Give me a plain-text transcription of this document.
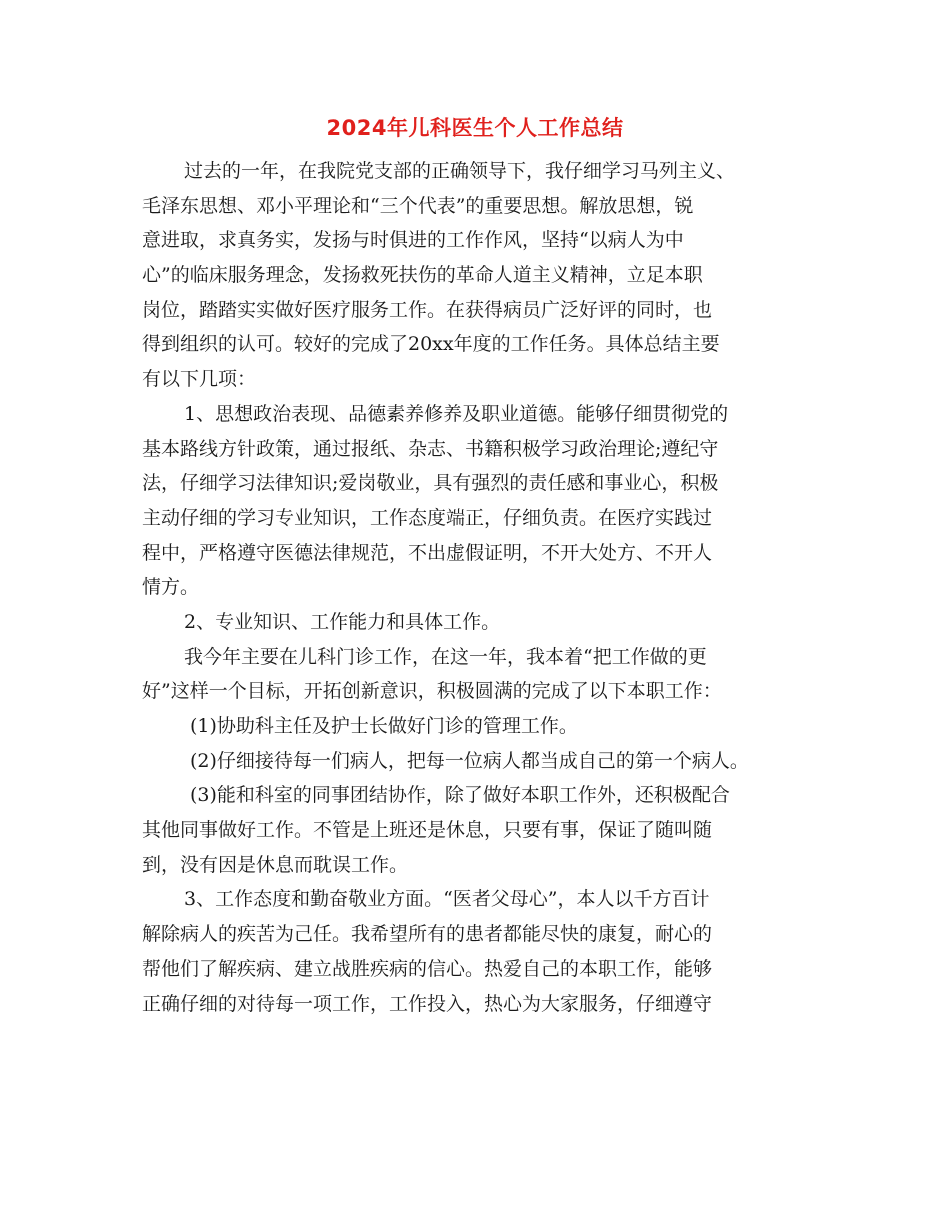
2024年儿科医生个人工作总结
过去的一年，在我院党支部的正确领导下，我仔细学习马列主义、
毛泽东思想、邓小平理论和“三个代表”的重要思想。解放思想，锐
意进取，求真务实，发扬与时俱进的工作作风，坚持“以病人为中
心”的临床服务理念，发扬救死扶伤的革命人道主义精神，立足本职
岗位，踏踏实实做好医疗服务工作。在获得病员广泛好评的同时，也
得到组织的认可。较好的完成了20xx年度的工作任务。具体总结主要
有以下几项：
1、思想政治表现、品德素养修养及职业道德。能够仔细贯彻党的
基本路线方针政策，通过报纸、杂志、书籍积极学习政治理论;遵纪守
法，仔细学习法律知识;爱岗敬业，具有强烈的责任感和事业心，积极
主动仔细的学习专业知识，工作态度端正，仔细负责。在医疗实践过
程中，严格遵守医德法律规范，不出虚假证明，不开大处方、不开人
情方。
2、专业知识、工作能力和具体工作。
我今年主要在儿科门诊工作，在这一年，我本着“把工作做的更
好”这样一个目标，开拓创新意识，积极圆满的完成了以下本职工作：
(1)协助科主任及护士长做好门诊的管理工作。
(2)仔细接待每一们病人，把每一位病人都当成自己的第一个病人。
(3)能和科室的同事团结协作，除了做好本职工作外，还积极配合
其他同事做好工作。不管是上班还是休息，只要有事，保证了随叫随
到，没有因是休息而耽误工作。
3、工作态度和勤奋敬业方面。“医者父母心”，本人以千方百计
解除病人的疾苦为己任。我希望所有的患者都能尽快的康复，耐心的
帮他们了解疾病、建立战胜疾病的信心。热爱自己的本职工作，能够
正确仔细的对待每一项工作，工作投入，热心为大家服务，仔细遵守
